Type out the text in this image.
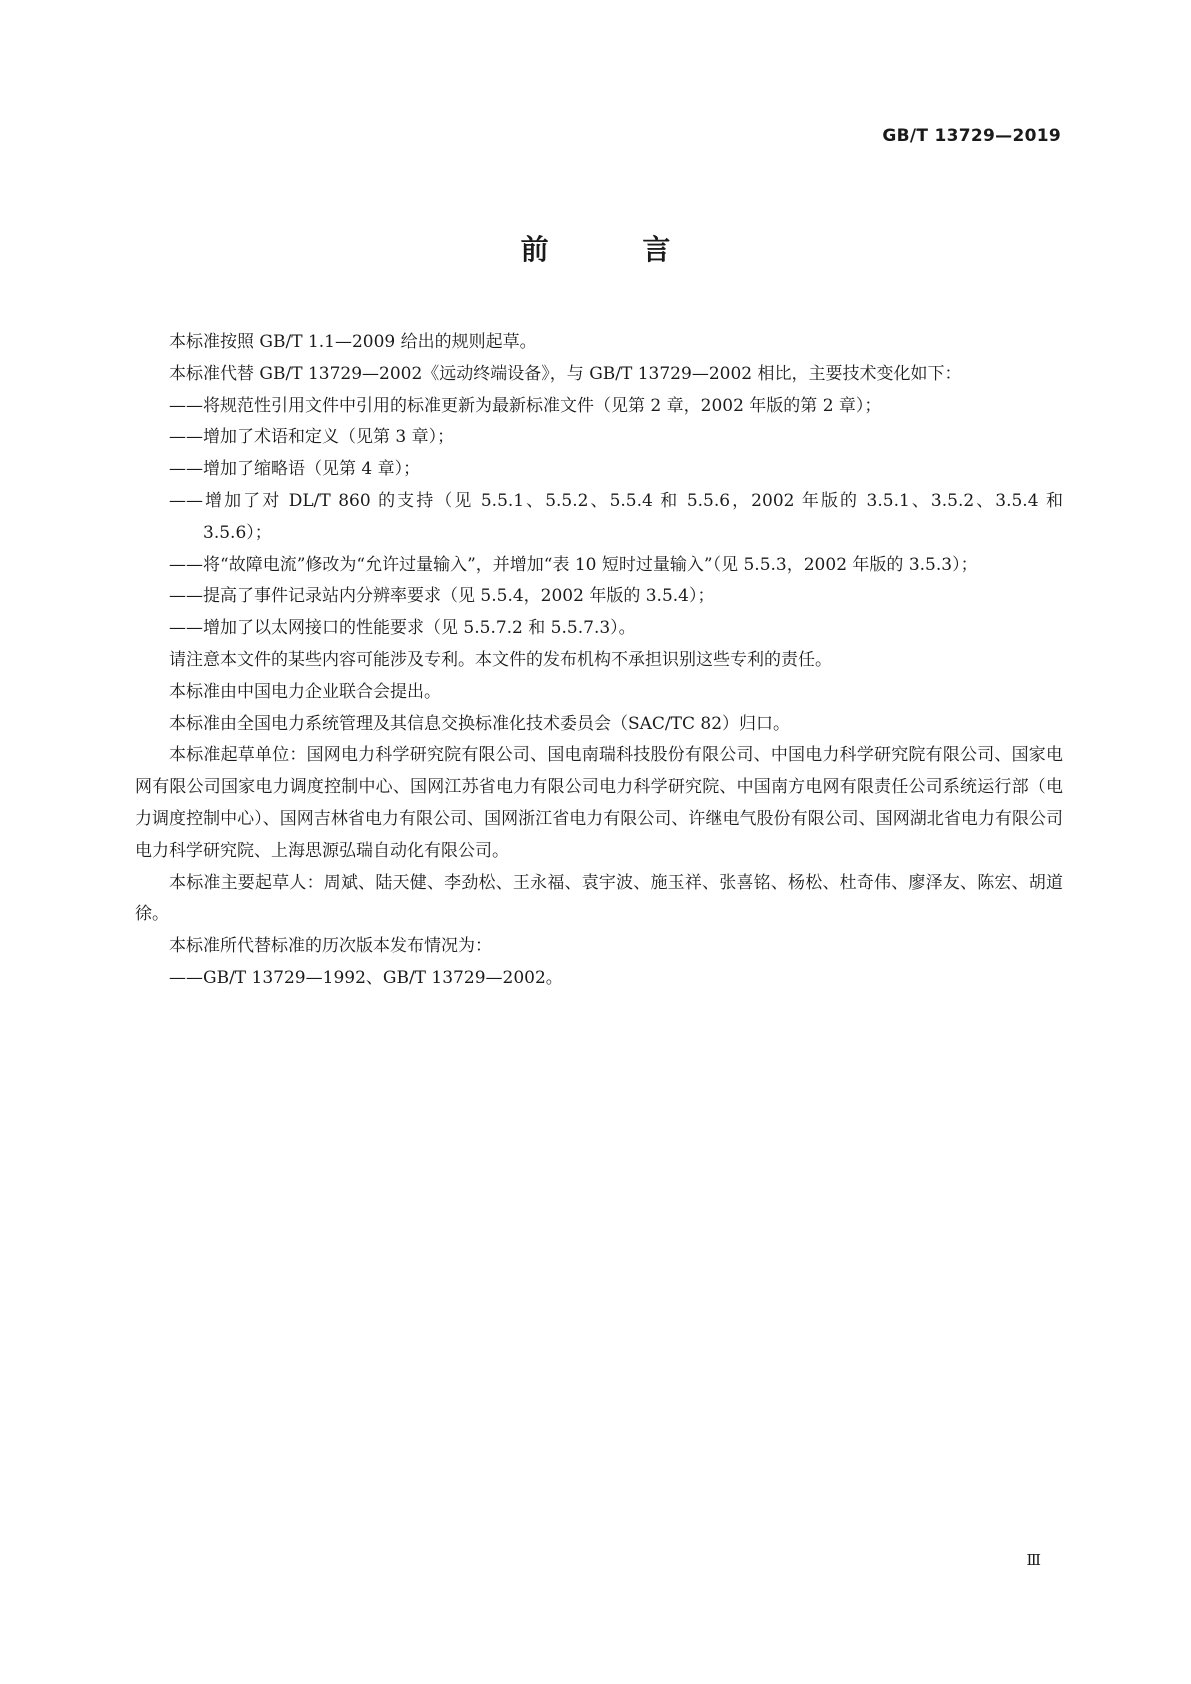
GB/T 13729—2019
前 言

本标准按照 GB/T 1.1—2009 给出的规则起草。

本标准代替 GB/T 13729—2002《远动终端设备》，与 GB/T 13729—2002 相比，主要技术变化如下：

——将规范性引用文件中引用的标准更新为最新标准文件（见第 2 章，2002 年版的第 2 章）；

——增加了术语和定义（见第 3 章）；

——增加了缩略语（见第 4 章）；

——增加了对 DL/T 860 的支持（见 5.5.1、5.5.2、5.5.4 和 5.5.6，2002 年版的 3.5.1、3.5.2、3.5.4 和 3.5.6）；

——将“故障电流”修改为“允许过量输入”，并增加“表 10 短时过量输入”（见 5.5.3，2002 年版的 3.5.3）；

——提高了事件记录站内分辨率要求（见 5.5.4，2002 年版的 3.5.4）；

——增加了以太网接口的性能要求（见 5.5.7.2 和 5.5.7.3）。

请注意本文件的某些内容可能涉及专利。本文件的发布机构不承担识别这些专利的责任。

本标准由中国电力企业联合会提出。

本标准由全国电力系统管理及其信息交换标准化技术委员会（SAC/TC 82）归口。

本标准起草单位：国网电力科学研究院有限公司、国电南瑞科技股份有限公司、中国电力科学研究院有限公司、国家电网有限公司国家电力调度控制中心、国网江苏省电力有限公司电力科学研究院、中国南方电网有限责任公司系统运行部（电力调度控制中心）、国网吉林省电力有限公司、国网浙江省电力有限公司、许继电气股份有限公司、国网湖北省电力有限公司电力科学研究院、上海思源弘瑞自动化有限公司。

本标准主要起草人：周斌、陆天健、李劲松、王永福、袁宇波、施玉祥、张喜铭、杨松、杜奇伟、廖泽友、陈宏、胡道徐。

本标准所代替标准的历次版本发布情况为：

——GB/T 13729—1992、GB/T 13729—2002。

Ⅲ
